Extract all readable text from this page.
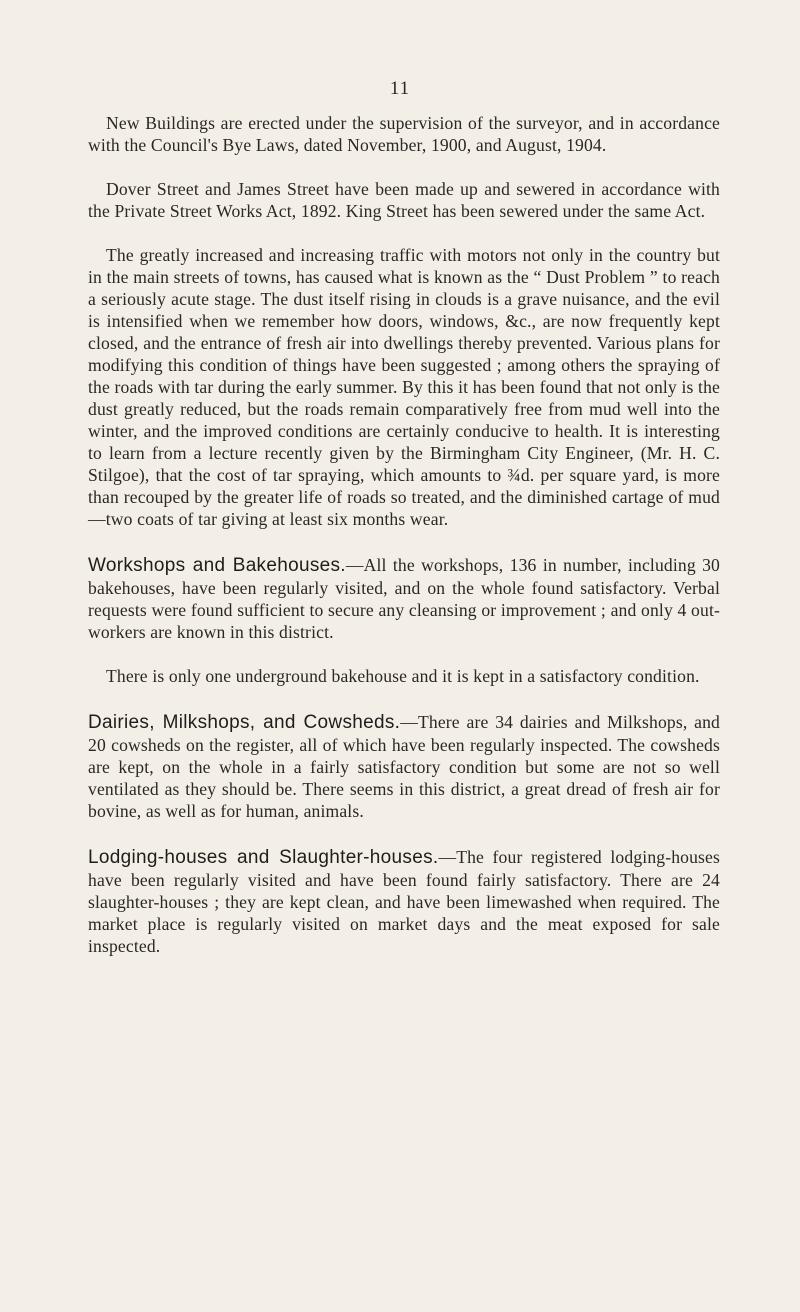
11

New Buildings are erected under the supervision of the surveyor, and in accordance with the Council's Bye Laws, dated November, 1900, and August, 1904.

Dover Street and James Street have been made up and sewered in accordance with the Private Street Works Act, 1892. King Street has been sewered under the same Act.

The greatly increased and increasing traffic with motors not only in the country but in the main streets of towns, has caused what is known as the “ Dust Problem ” to reach a seriously acute stage. The dust itself rising in clouds is a grave nuisance, and the evil is intensified when we remember how doors, windows, &c., are now frequently kept closed, and the entrance of fresh air into dwellings thereby prevented. Various plans for modifying this condition of things have been suggested ; among others the spraying of the roads with tar during the early summer. By this it has been found that not only is the dust greatly reduced, but the roads remain comparatively free from mud well into the winter, and the improved conditions are certainly conducive to health. It is interesting to learn from a lecture recently given by the Birmingham City Engineer, (Mr. H. C. Stilgoe), that the cost of tar spraying, which amounts to ¾d. per square yard, is more than recouped by the greater life of roads so treated, and the diminished cartage of mud —two coats of tar giving at least six months wear.

Workshops and Bakehouses.—All the workshops, 136 in number, including 30 bakehouses, have been regularly visited, and on the whole found satisfactory. Verbal requests were found sufficient to secure any cleansing or improvement ; and only 4 out-workers are known in this district.

There is only one underground bakehouse and it is kept in a satisfactory condition.

Dairies, Milkshops, and Cowsheds.—There are 34 dairies and Milkshops, and 20 cowsheds on the register, all of which have been regularly inspected. The cowsheds are kept, on the whole in a fairly satisfactory condition but some are not so well ventilated as they should be. There seems in this district, a great dread of fresh air for bovine, as well as for human, animals.

Lodging-houses and Slaughter-houses.—The four registered lodging-houses have been regularly visited and have been found fairly satisfactory. There are 24 slaughter-houses ; they are kept clean, and have been limewashed when required. The market place is regularly visited on market days and the meat exposed for sale inspected.
